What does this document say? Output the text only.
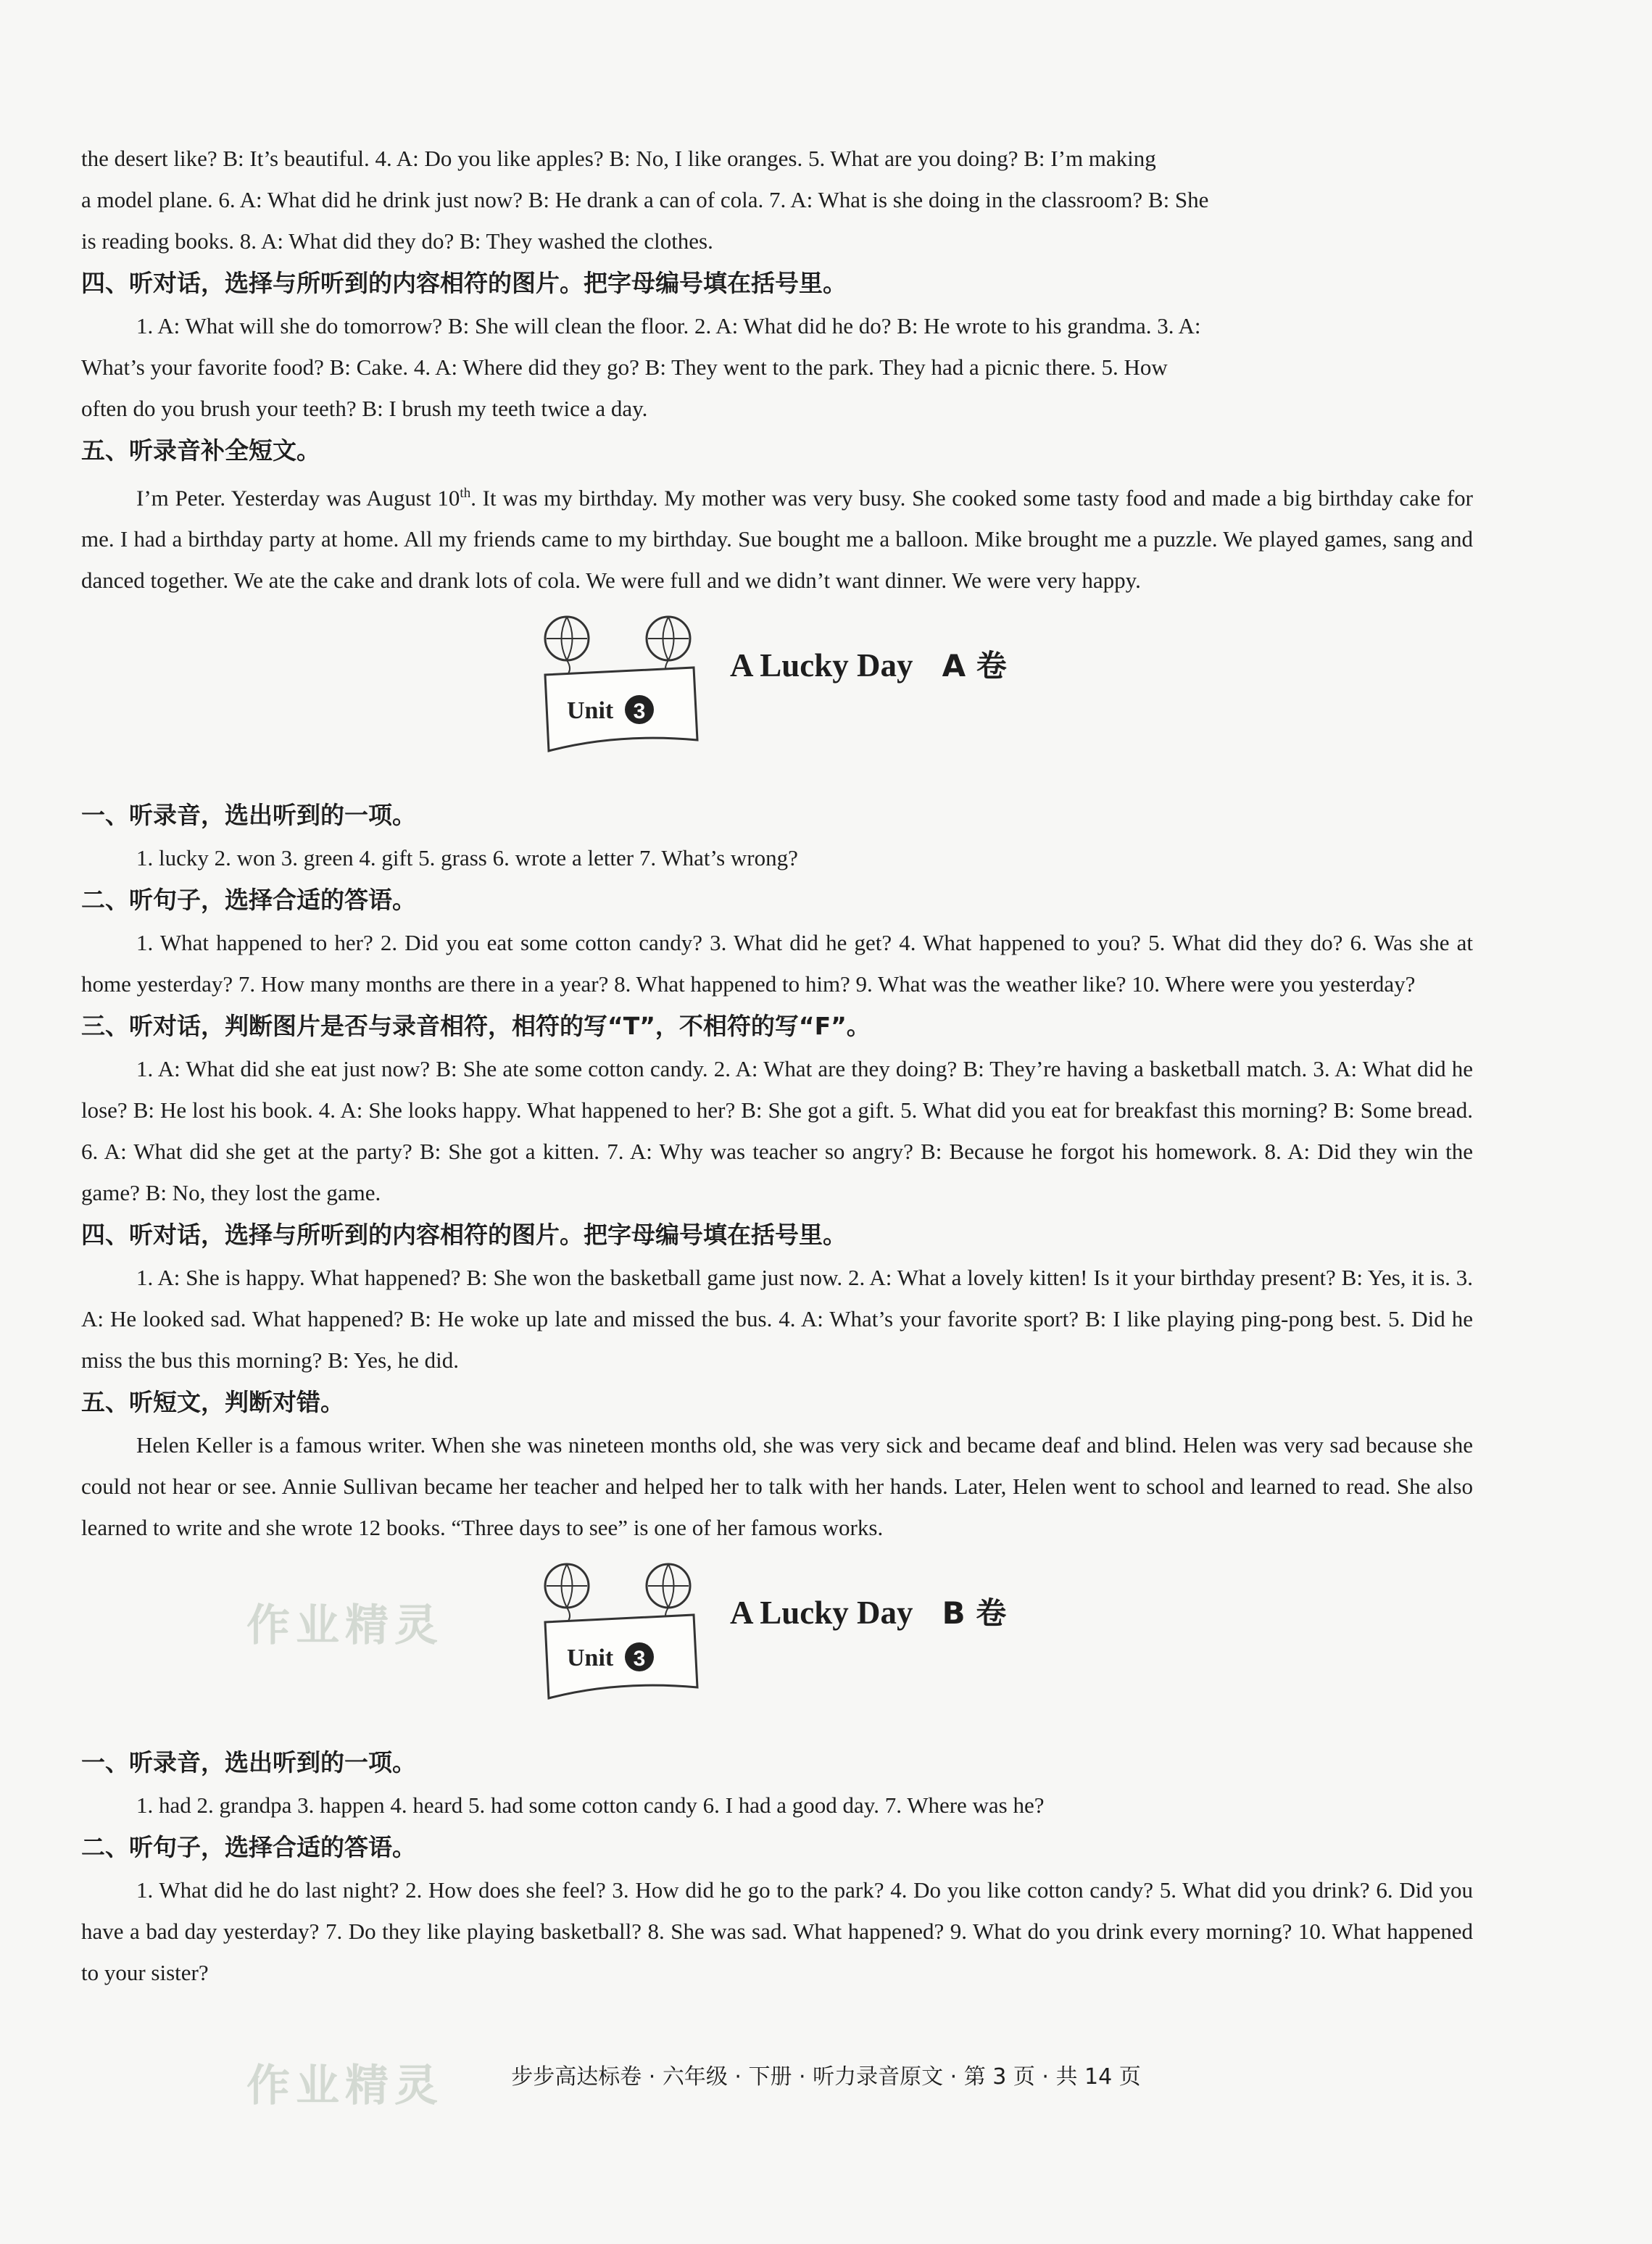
the desert like? B: It’s beautiful. 4. A: Do you like apples? B: No, I like oranges. 5. What are you doing? B: I’m making

a model plane. 6. A: What did he drink just now? B: He drank a can of cola. 7. A: What is she doing in the classroom? B: She

is reading books. 8. A: What did they do? B: They washed the clothes.

四、听对话，选择与所听到的内容相符的图片。把字母编号填在括号里。

1. A: What will she do tomorrow? B: She will clean the floor. 2. A: What did he do? B: He wrote to his grandma. 3. A:

What’s your favorite food? B: Cake. 4. A: Where did they go? B: They went to the park. They had a picnic there. 5. How

often do you brush your teeth? B: I brush my teeth twice a day.

五、听录音补全短文。

I’m Peter. Yesterday was August 10th. It was my birthday. My mother was very busy. She cooked some tasty food and made a big birthday cake for me. I had a birthday party at home. All my friends came to my birthday. Sue bought me a balloon. Mike brought me a puzzle. We played games, sang and danced together. We ate the cake and drank lots of cola. We were full and we didn’t want dinner. We were very happy.

Unit 3
A Lucky Day A 卷

一、听录音，选出听到的一项。

1. lucky 2. won 3. green 4. gift 5. grass 6. wrote a letter 7. What’s wrong?

二、听句子，选择合适的答语。

1. What happened to her? 2. Did you eat some cotton candy? 3. What did he get? 4. What happened to you? 5. What did they do? 6. Was she at home yesterday? 7. How many months are there in a year? 8. What happened to him? 9. What was the weather like? 10. Where were you yesterday?

三、听对话，判断图片是否与录音相符，相符的写“T”，不相符的写“F”。

1. A: What did she eat just now? B: She ate some cotton candy. 2. A: What are they doing? B: They’re having a basketball match. 3. A: What did he lose? B: He lost his book. 4. A: She looks happy. What happened to her? B: She got a gift. 5. What did you eat for breakfast this morning? B: Some bread. 6. A: What did she get at the party? B: She got a kitten. 7. A: Why was teacher so angry? B: Because he forgot his homework. 8. A: Did they win the game? B: No, they lost the game.

四、听对话，选择与所听到的内容相符的图片。把字母编号填在括号里。

1. A: She is happy. What happened? B: She won the basketball game just now. 2. A: What a lovely kitten! Is it your birthday present? B: Yes, it is. 3. A: He looked sad. What happened? B: He woke up late and missed the bus. 4. A: What’s your favorite sport? B: I like playing ping-pong best. 5. Did he miss the bus this morning? B: Yes, he did.

五、听短文，判断对错。

Helen Keller is a famous writer. When she was nineteen months old, she was very sick and became deaf and blind. Helen was very sad because she could not hear or see. Annie Sullivan became her teacher and helped her to talk with her hands. Later, Helen went to school and learned to read. She also learned to write and she wrote 12 books. “Three days to see” is one of her famous works.

Unit 3
A Lucky Day B 卷

一、听录音，选出听到的一项。

1. had 2. grandpa 3. happen 4. heard 5. had some cotton candy 6. I had a good day. 7. Where was he?

二、听句子，选择合适的答语。

1. What did he do last night? 2. How does she feel? 3. How did he go to the park? 4. Do you like cotton candy? 5. What did you drink? 6. Did you have a bad day yesterday? 7. Do they like playing basketball? 8. She was sad. What happened? 9. What do you drink every morning? 10. What happened to your sister?

作业精灵
作业精灵	步步高达标卷 · 六年级 · 下册 · 听力录音原文 · 第 3 页 · 共 14 页
